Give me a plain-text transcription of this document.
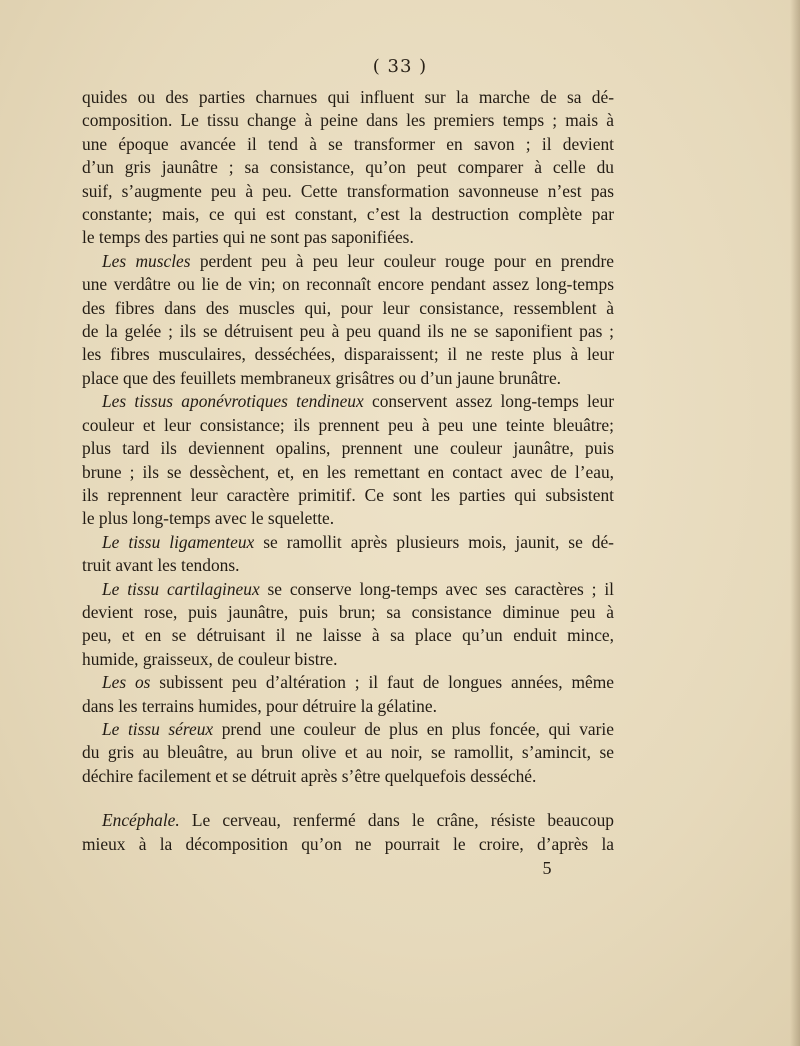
( 33 )
quides ou des parties charnues qui influent sur la marche de sa dé-
composition. Le tissu change à peine dans les premiers temps ; mais à
une époque avancée il tend à se transformer en savon ; il devient
d’un gris jaunâtre ; sa consistance, qu’on peut comparer à celle du
suif, s’augmente peu à peu. Cette transformation savonneuse n’est pas
constante; mais, ce qui est constant, c’est la destruction complète par
le temps des parties qui ne sont pas saponifiées.
Les muscles perdent peu à peu leur couleur rouge pour en prendre
une verdâtre ou lie de vin; on reconnaît encore pendant assez long-temps
des fibres dans des muscles qui, pour leur consistance, ressemblent à
de la gelée ; ils se détruisent peu à peu quand ils ne se saponifient pas ;
les fibres musculaires, desséchées, disparaissent; il ne reste plus à leur
place que des feuillets membraneux grisâtres ou d’un jaune brunâtre.
Les tissus aponévrotiques tendineux conservent assez long-temps leur
couleur et leur consistance; ils prennent peu à peu une teinte bleuâtre;
plus tard ils deviennent opalins, prennent une couleur jaunâtre, puis
brune ; ils se dessèchent, et, en les remettant en contact avec de l’eau,
ils reprennent leur caractère primitif. Ce sont les parties qui subsistent
le plus long-temps avec le squelette.
Le tissu ligamenteux se ramollit après plusieurs mois, jaunit, se dé-
truit avant les tendons.
Le tissu cartilagineux se conserve long-temps avec ses caractères ; il
devient rose, puis jaunâtre, puis brun; sa consistance diminue peu à
peu, et en se détruisant il ne laisse à sa place qu’un enduit mince,
humide, graisseux, de couleur bistre.
Les os subissent peu d’altération ; il faut de longues années, même
dans les terrains humides, pour détruire la gélatine.
Le tissu séreux prend une couleur de plus en plus foncée, qui varie
du gris au bleuâtre, au brun olive et au noir, se ramollit, s’amincit, se
déchire facilement et se détruit après s’être quelquefois desséché.
Encéphale. Le cerveau, renfermé dans le crâne, résiste beaucoup
mieux à la décomposition qu’on ne pourrait le croire, d’après la
5
